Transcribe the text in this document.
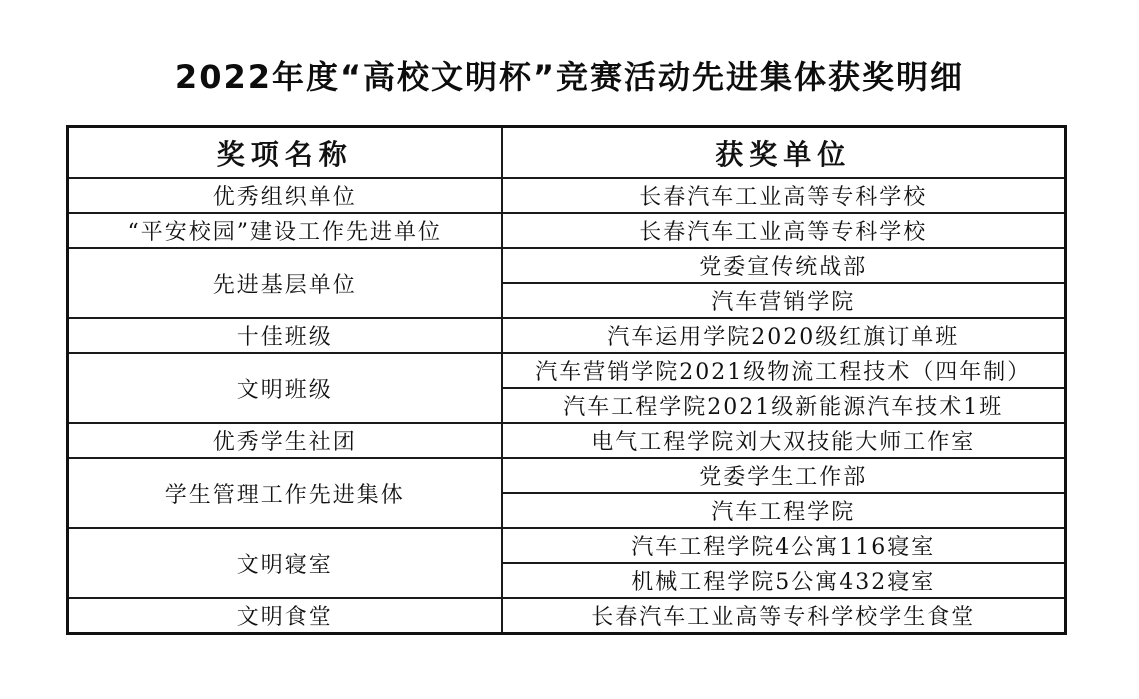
2022年度“高校文明杯”竞赛活动先进集体获奖明细
奖项名称	获奖单位
优秀组织单位	长春汽车工业高等专科学校
“平安校园”建设工作先进单位	长春汽车工业高等专科学校
先进基层单位	党委宣传统战部
	汽车营销学院
十佳班级	汽车运用学院2020级红旗订单班
文明班级	汽车营销学院2021级物流工程技术（四年制）
	汽车工程学院2021级新能源汽车技术1班
优秀学生社团	电气工程学院刘大双技能大师工作室
学生管理工作先进集体	党委学生工作部
	汽车工程学院
文明寝室	汽车工程学院4公寓116寝室
	机械工程学院5公寓432寝室
文明食堂	长春汽车工业高等专科学校学生食堂
